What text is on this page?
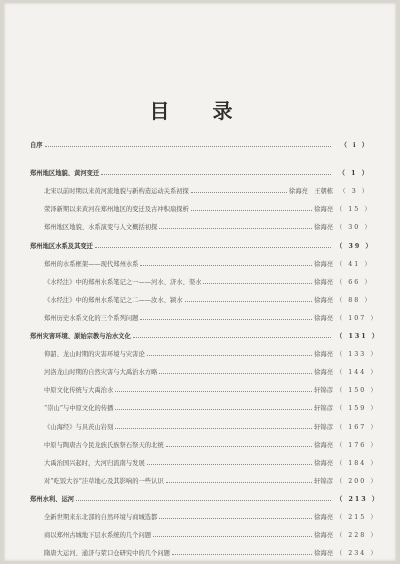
目 录
自序	（ i ）
郑州地区地貌、黄河变迁	（ 1 ）
北宋以前时期以来黄河流地貌与新构造运动关系初探	徐海亮　王朝栋	（ 3 ）
荥泽新期以来黄河在郑州地区的变迁及古冲积扇探析	徐海亮 （ 15 ）
郑州地区地貌、水系演变与人文概括初探	徐海亮 （ 30 ）
郑州地区水系及其变迁	（ 39 ）
郑州的水系框架——现代郑州水系	徐海亮 （ 41 ）
《水经注》中的郑州水系笔记之一——河水、济水、渠水	徐海亮 （ 66 ）
《水经注》中的郑州水系笔记之二——汝水、颍水	徐海亮 （ 88 ）
郑州历史水系文化的三个系列问题	徐海亮 （ 107 ）
郑州灾害环境、原始宗教与治水文化	（ 131 ）
仰韶、龙山时期的灾害环境与灾害论	徐海亮 （ 133 ）
河洛龙山时期的自然灾害与大禹治水方略	徐海亮 （ 144 ）
中原文化传统与大禹治水	轩锦彦 （ 150 ）
“崇山”与中原文化的传播	轩锦彦 （ 159 ）
《山海经》与具茨山岩刻	轩锦彦 （ 167 ）
中原与陶唐古今民龙族氏族祭石祭天的北统	徐海亮 （ 176 ）
大禹治国兴起时，大河归流南与发展	徐海亮 （ 184 ）
对“吃饭大谷”洼草地心及其影响的一些认识	轩锦彦 （ 200 ）
郑州水利、运河	（ 213 ）
全新世期来东北部的自然环境与商城选都	徐海亮 （ 215 ）
商以郑州古城地下层水系统的几个问题	徐海亮 （ 228 ）
隋唐大运河、通济与荥口仓研究中的几个问题	徐海亮 （ 234 ）
